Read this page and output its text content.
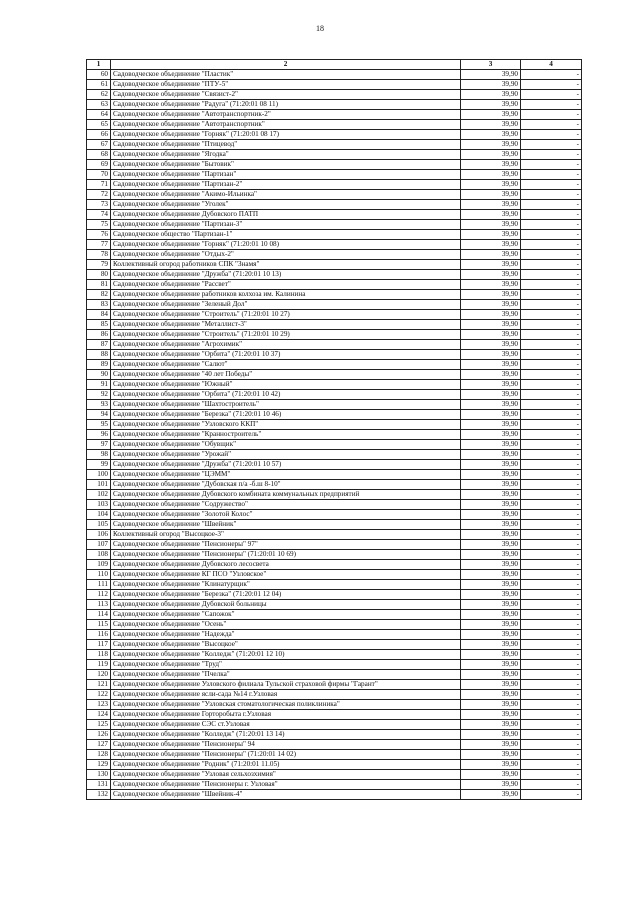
18
1	2	3	4
60	Садоводческое объединение "Пластик"	39,90	-
61	Садоводческое объединение "ПТУ-5"	39,90	-
62	Садоводческое объединение "Связист-2"	39,90	-
63	Садоводческое объединение "Радуга" (71:20:01 08 11)	39,90	-
64	Садоводческое объединение "Автотранспортник-2"	39,90	-
65	Садоводческое объединение "Автотранспортник"	39,90	-
66	Садоводческое объединение "Горняк" (71:20:01 08 17)	39,90	-
67	Садоводческое объединение "Птицевод"	39,90	-
68	Садоводческое объединение "Ягодка"	39,90	-
69	Садоводческое объединение "Бытовик"	39,90	-
70	Садоводческое объединение "Партизан"	39,90	-
71	Садоводческое объединение "Партизан-2"	39,90	-
72	Садоводческое объединение "Акимо-Ильинка"	39,90	-
73	Садоводческое объединение "Уголек"	39,90	-
74	Садоводческое объединение Дубовского ПАТП	39,90	-
75	Садоводческое объединение "Партизан-3"	39,90	-
76	Садоводческое общество "Партизан-1"	39,90	-
77	Садоводческое объединение "Горняк" (71:20:01 10 08)	39,90	-
78	Садоводческое объединение "Отдых-2"	39,90	-
79	Коллективный огород работников СПК "Знамя"	39,90	-
80	Садоводческое объединение "Дружба" (71:20:01 10 13)	39,90	-
81	Садоводческое объединение "Рассвет"	39,90	-
82	Садоводческое объединение работников колхоза им. Калинина	39,90	-
83	Садоводческое объединение "Зеленый Дол"	39,90	-
84	Садоводческое объединение "Строитель" (71:20:01 10 27)	39,90	-
85	Садоводческое объединение "Металлист-3"	39,90	-
86	Садоводческое объединение "Строитель" (71:20:01 10 29)	39,90	-
87	Садоводческое объединение "Агрохимик"	39,90	-
88	Садоводческое объединение "Орбита" (71:20:01 10 37)	39,90	-
89	Садоводческое объединение "Салют"	39,90	-
90	Садоводческое объединение "40 лет Победы"	39,90	-
91	Садоводческое объединение "Южный"	39,90	-
92	Садоводческое объединение "Орбита" (71:20:01 10 42)	39,90	-
93	Садоводческое объединение "Шахтостроитель"	39,90	-
94	Садоводческое объединение "Березка" (71:20:01 10 46)	39,90	-
95	Садоводческое объединение "Узловского ККП"	39,90	-
96	Садоводческое объединение "Кранностроитель"	39,90	-
97	Садоводческое объединение "Обувщик"	39,90	-
98	Садоводческое объединение "Урожай"	39,90	-
99	Садоводческое объединение "Дружба" (71:20:01 10 57)	39,90	-
100	Садоводческое объединение "ЦЭММ"	39,90	-
101	Садоводческое объединение "Дубовская п/а -б.ш 8-10"	39,90	-
102	Садоводческое объединение Дубовского комбината коммунальных предприятий	39,90	-
103	Садоводческое объединение "Содружество"	39,90	-
104	Садоводческое объединение "Золотой Колос"	39,90	-
105	Садоводческое объединение "Швейник"	39,90	-
106	Коллективный огород "Высоцкое-3"	39,90	-
107	Садоводческое объединение "Пенсионеры" 97"	39,90	-
108	Садоводческое объединение "Пенсионеры" (71:20:01 10 69)	39,90	-
109	Садоводческое объединение Дубовского лесосвета	39,90	-
110	Садоводческое объединение КГ ПСО "Узловское"	39,90	-
111	Садоводческое объединение "Клинатурщик"	39,90	-
112	Садоводческое объединение "Березка" (71:20:01 12 04)	39,90	-
113	Садоводческое объединение Дубовской больницы	39,90	-
114	Садоводческое объединение "Сапожок"	39,90	-
115	Садоводческое объединение "Осень"	39,90	-
116	Садоводческое объединение "Надежда"	39,90	-
117	Садоводческое объединение "Высоцкое"	39,90	-
118	Садоводческое объединение "Колледж" (71:20:01 12 10)	39,90	-
119	Садоводческое объединение "Труд"	39,90	-
120	Садоводческое объединение "Пчелка"	39,90	-
121	Садоводческое объединение Узловского филиала Тульской страховой фирмы "Гарант"	39,90	-
122	Садоводческое объединение ясли-сада №14 г.Узловая	39,90	-
123	Садоводческое объединение "Узловская стоматологическая поликлиника"	39,90	-
124	Садоводческое объединение Горторобыта г.Узловая	39,90	-
125	Садоводческое объединение СЭС ст.Узловая	39,90	-
126	Садоводческое объединение "Колледж" (71:20:01 13 14)	39,90	-
127	Садоводческое объединение "Пенсионеры" 94	39,90	-
128	Садоводческое объединение "Пенсионеры" (71:20:01 14 02)	39,90	-
129	Садоводческое объединение "Родник" (71:20:01 11.05)	39,90	-
130	Садоводческое объединение "Узловая сельхозхимия"	39,90	-
131	Садоводческое объединение "Пенсионеры г. Узловая"	39,90	-
132	Садоводческое объединение "Швейник-4"	39,90	-
